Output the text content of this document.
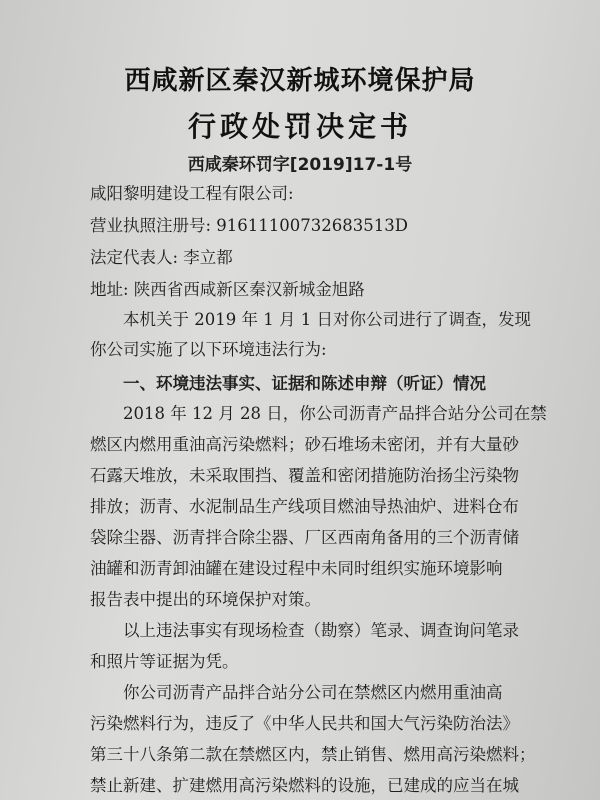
西咸新区秦汉新城环境保护局
行政处罚决定书
西咸秦环罚字[2019]17-1号
咸阳黎明建设工程有限公司:
营业执照注册号: 91611100732683513D
法定代表人: 李立都
地址: 陕西省西咸新区秦汉新城金旭路
本机关于 2019 年 1 月 1 日对你公司进行了调查，发现
你公司实施了以下环境违法行为:
一、环境违法事实、证据和陈述申辩（听证）情况
2018 年 12 月 28 日，你公司沥青产品拌合站分公司在禁
燃区内燃用重油高污染燃料；砂石堆场未密闭，并有大量砂
石露天堆放，未采取围挡、覆盖和密闭措施防治扬尘污染物
排放；沥青、水泥制品生产线项目燃油导热油炉、进料仓布
袋除尘器、沥青拌合除尘器、厂区西南角备用的三个沥青储
油罐和沥青卸油罐在建设过程中未同时组织实施环境影响
报告表中提出的环境保护对策。
以上违法事实有现场检查（勘察）笔录、调查询问笔录
和照片等证据为凭。
你公司沥青产品拌合站分公司在禁燃区内燃用重油高
污染燃料行为，违反了《中华人民共和国大气污染防治法》
第三十八条第二款在禁燃区内，禁止销售、燃用高污染燃料；
禁止新建、扩建燃用高污染燃料的设施，已建成的应当在城
